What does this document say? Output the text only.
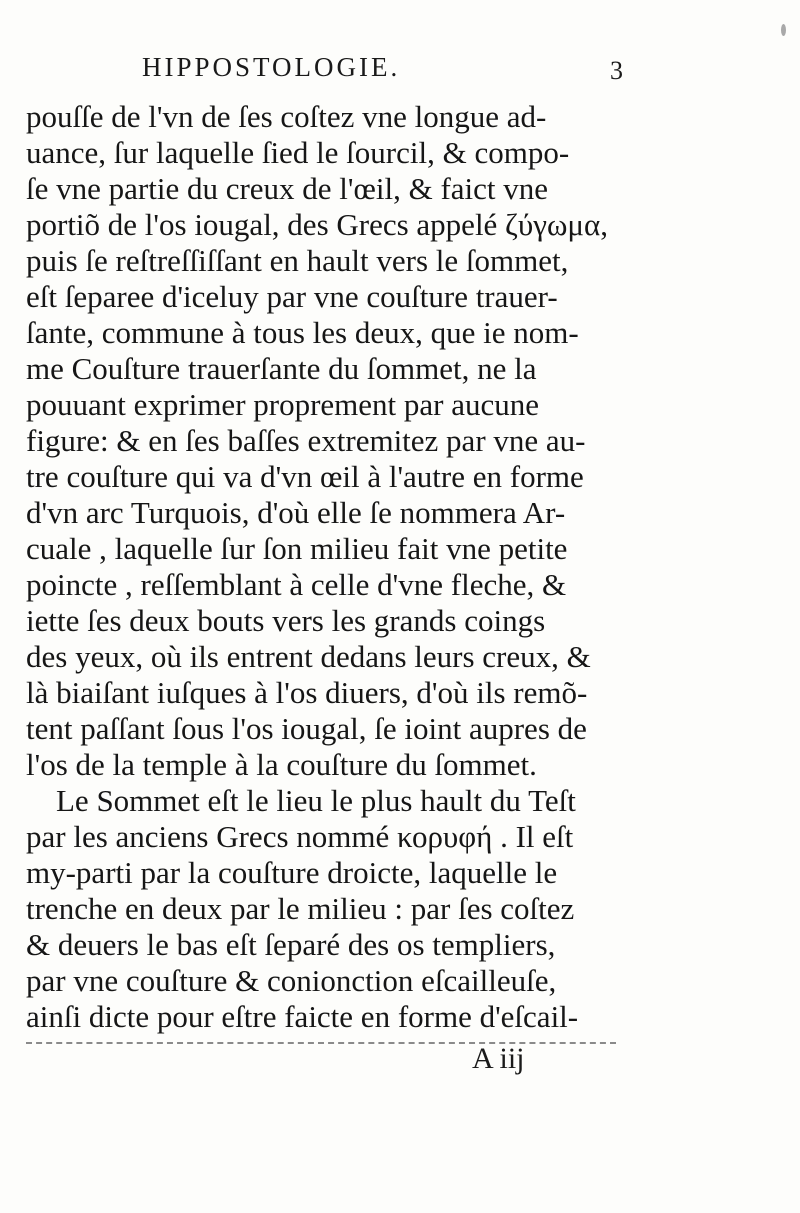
HIPPOSTOLOGIE.	3
pouſſe de l'vn de ſes coſtez vne longue ad-
uance, ſur laquelle ſied le ſourcil, & compo-
ſe vne partie du creux de l'œil, & faict vne
portiõ de l'os iougal, des Grecs appelé ζύγωμα,
puis ſe reſtreſſiſſant en hault vers le ſommet,
eſt ſeparee d'iceluy par vne couſture trauer-
ſante, commune à tous les deux, que ie nom-
me Couſture trauerſante du ſommet, ne la
pouuant exprimer proprement par aucune
figure: & en ſes baſſes extremitez par vne au-
tre couſture qui va d'vn œil à l'autre en forme
d'vn arc Turquois, d'où elle ſe nommera Ar-
cuale , laquelle ſur ſon milieu fait vne petite
poincte , reſſemblant à celle d'vne fleche, &
iette ſes deux bouts vers les grands coings
des yeux, où ils entrent dedans leurs creux, &
là biaiſant iuſques à l'os diuers, d'où ils remõ-
tent paſſant ſous l'os iougal, ſe ioint aupres de
l'os de la temple à la couſture du ſommet.
Le Sommet eſt le lieu le plus hault du Teſt
par les anciens Grecs nommé κορυφή . Il eſt
my-parti par la couſture droicte, laquelle le
trenche en deux par le milieu : par ſes coſtez
& deuers le bas eſt ſeparé des os templiers,
par vne couſture & conionction eſcailleuſe,
ainſi dicte pour eſtre faicte en forme d'eſcail-
A iij
